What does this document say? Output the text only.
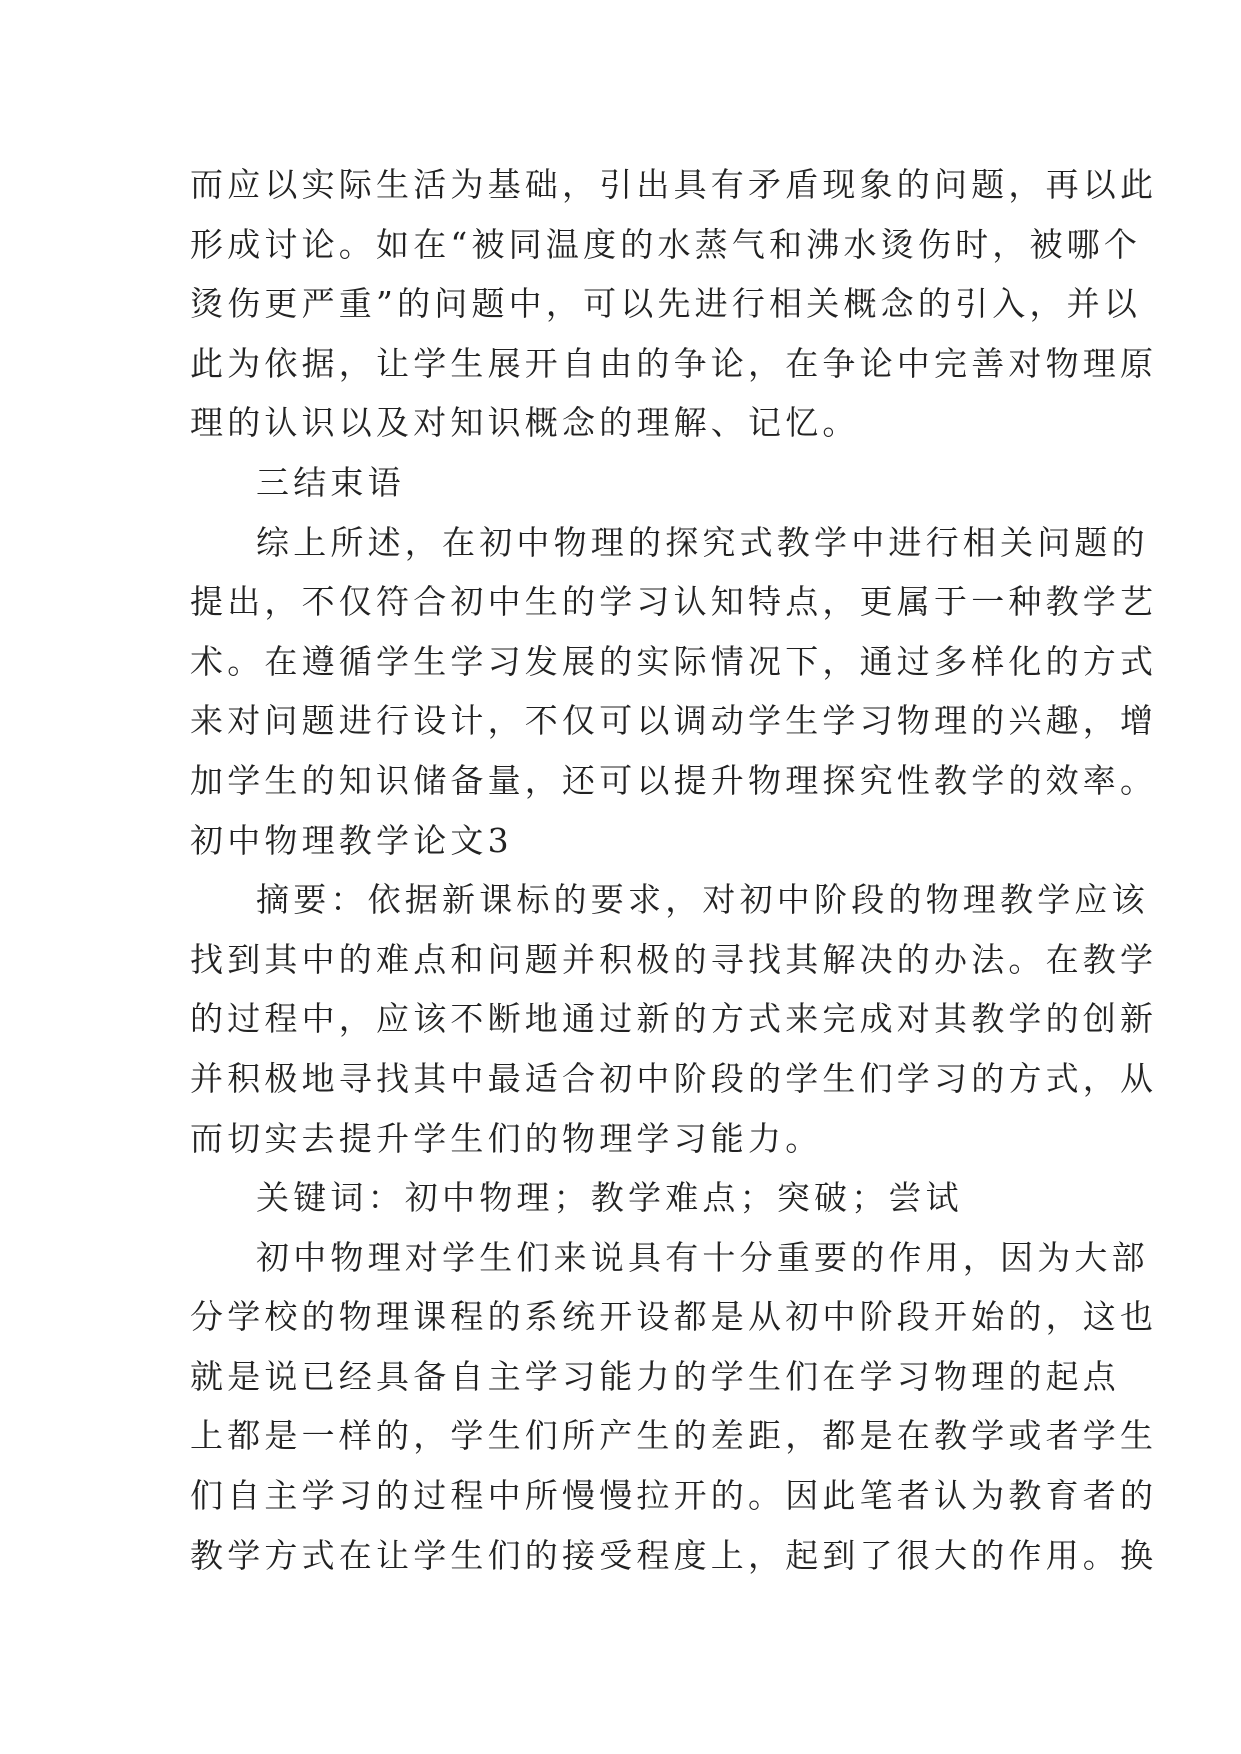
而应以实际生活为基础，引出具有矛盾现象的问题，再以此
形成讨论。如在“被同温度的水蒸气和沸水烫伤时，被哪个
烫伤更严重”的问题中，可以先进行相关概念的引入，并以
此为依据，让学生展开自由的争论，在争论中完善对物理原
理的认识以及对知识概念的理解、记忆。
三结束语
综上所述，在初中物理的探究式教学中进行相关问题的
提出，不仅符合初中生的学习认知特点，更属于一种教学艺
术。在遵循学生学习发展的实际情况下，通过多样化的方式
来对问题进行设计，不仅可以调动学生学习物理的兴趣，增
加学生的知识储备量，还可以提升物理探究性教学的效率。
初中物理教学论文3
摘要：依据新课标的要求，对初中阶段的物理教学应该
找到其中的难点和问题并积极的寻找其解决的办法。在教学
的过程中，应该不断地通过新的方式来完成对其教学的创新
并积极地寻找其中最适合初中阶段的学生们学习的方式，从
而切实去提升学生们的物理学习能力。
关键词：初中物理；教学难点；突破；尝试
初中物理对学生们来说具有十分重要的作用，因为大部
分学校的物理课程的系统开设都是从初中阶段开始的，这也
就是说已经具备自主学习能力的学生们在学习物理的起点
上都是一样的，学生们所产生的差距，都是在教学或者学生
们自主学习的过程中所慢慢拉开的。因此笔者认为教育者的
教学方式在让学生们的接受程度上，起到了很大的作用。换
